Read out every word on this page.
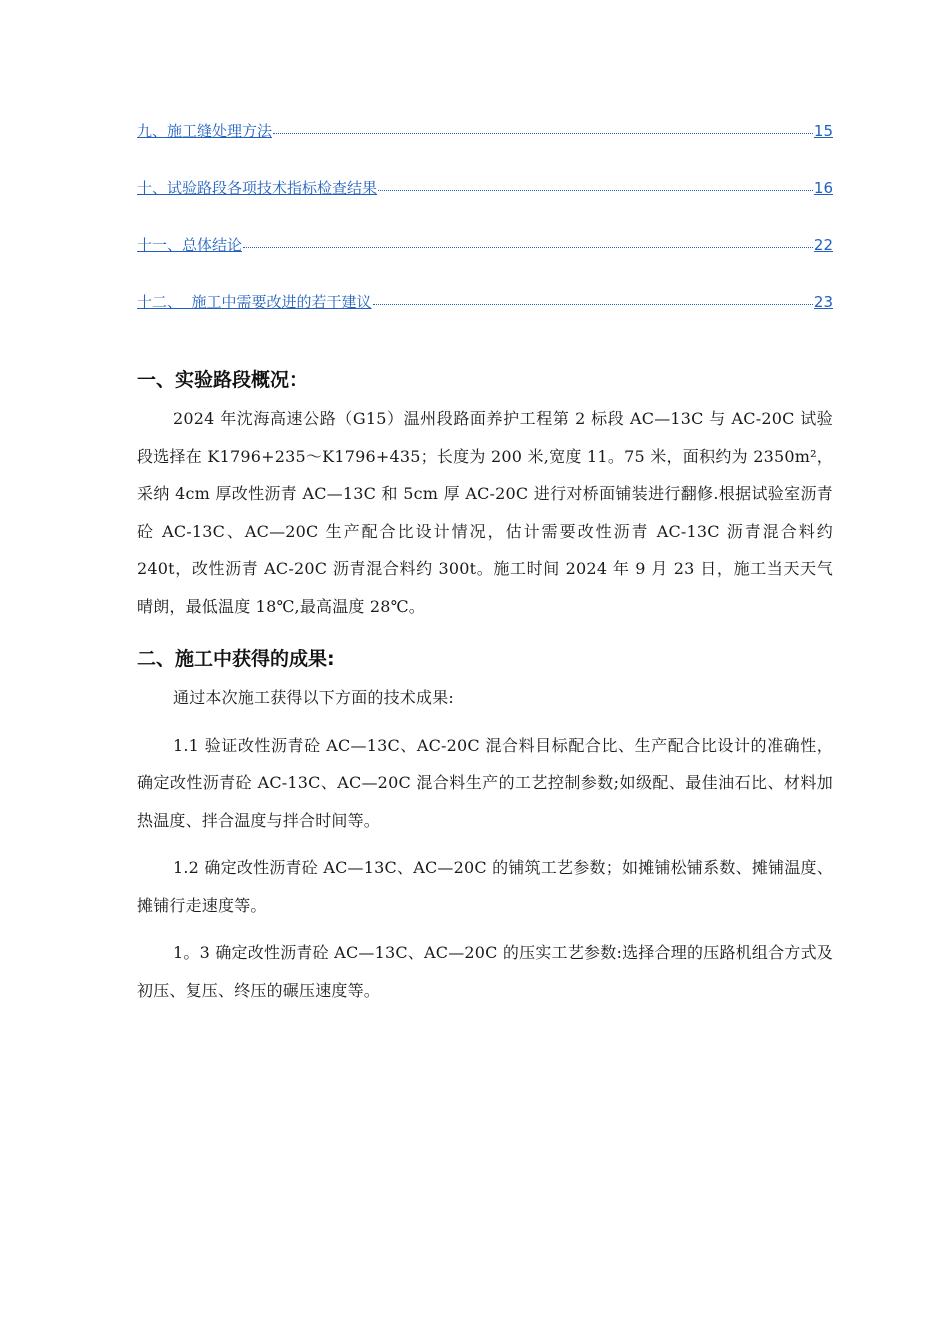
九、施工缝处理方法	15
十、试验路段各项技术指标检查结果	16
十一、总体结论	22
十二、  施工中需要改进的若干建议	23
一、实验路段概况：

2024 年沈海高速公路（G15）温州段路面养护工程第 2 标段 AC—13C 与 AC-20C 试验段选择在 K1796+235～K1796+435；长度为 200 米,宽度 11。75 米，面积约为 2350m²，采纳 4cm 厚改性沥青 AC—13C 和 5cm 厚 AC-20C 进行对桥面铺装进行翻修.根据试验室沥青砼 AC-13C、AC—20C 生产配合比设计情况，估计需要改性沥青 AC-13C 沥青混合料约 240t，改性沥青 AC-20C 沥青混合料约 300t。施工时间 2024 年 9 月 23 日，施工当天天气晴朗，最低温度 18℃,最高温度 28℃。

二、施工中获得的成果:

通过本次施工获得以下方面的技术成果:

1.1 验证改性沥青砼 AC—13C、AC-20C 混合料目标配合比、生产配合比设计的准确性，确定改性沥青砼 AC-13C、AC—20C 混合料生产的工艺控制参数;如级配、最佳油石比、材料加热温度、拌合温度与拌合时间等。

1.2 确定改性沥青砼 AC—13C、AC—20C 的铺筑工艺参数；如摊铺松铺系数、摊铺温度、摊铺行走速度等。

1。3 确定改性沥青砼 AC—13C、AC—20C 的压实工艺参数:选择合理的压路机组合方式及初压、复压、终压的碾压速度等。
